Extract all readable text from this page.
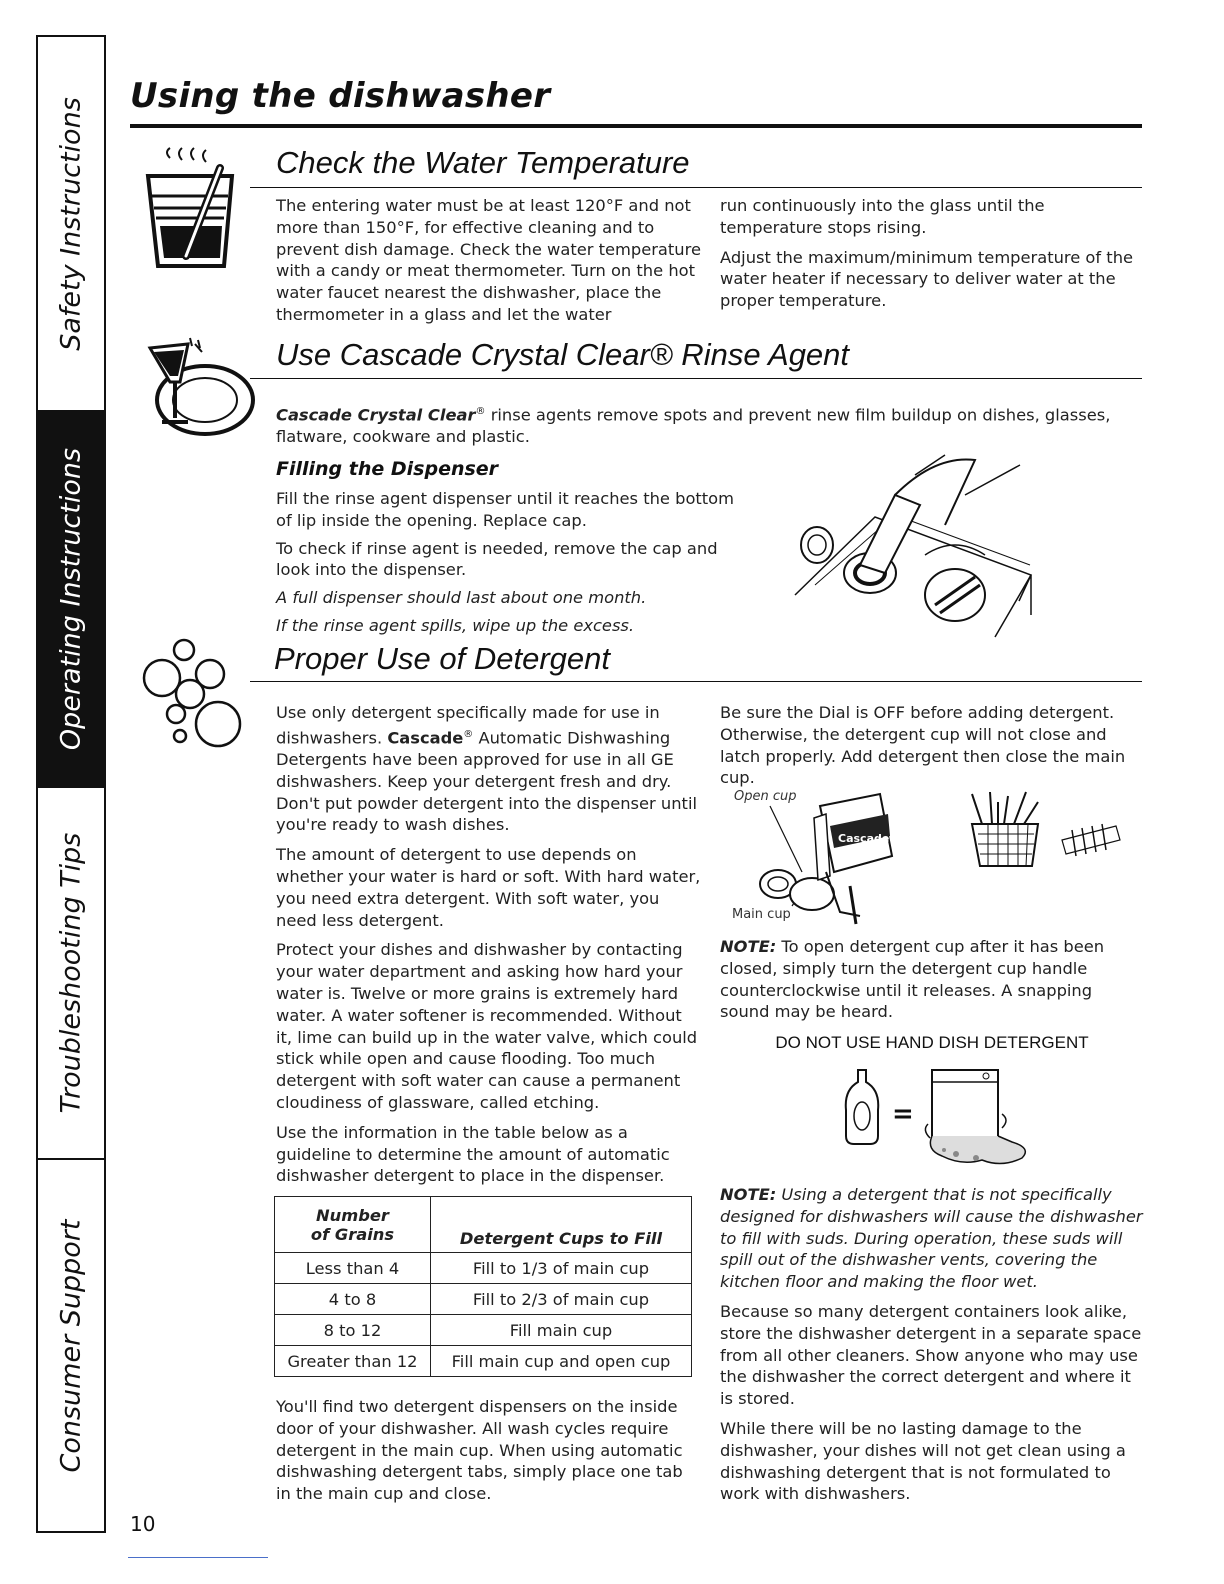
Safety Instructions
Operating Instructions
Troubleshooting Tips
Consumer Support
Using the dishwasher
Check the Water Temperature

The entering water must be at least 120°F and not more than 150°F, for effective cleaning and to prevent dish damage. Check the water temperature with a candy or meat thermometer. Turn on the hot water faucet nearest the dishwasher, place the thermometer in a glass and let the water

run continuously into the glass until the temperature stops rising.

Adjust the maximum/minimum temperature of the water heater if necessary to deliver water at the proper temperature.

Use Cascade Crystal Clear® Rinse Agent
Cascade Crystal Clear® rinse agents remove spots and prevent new film buildup on dishes, glasses, flatware, cookware and plastic.
Filling the Dispenser

Fill the rinse agent dispenser until it reaches the bottom of lip inside the opening. Replace cap.

To check if rinse agent is needed, remove the cap and look into the dispenser.

A full dispenser should last about one month.

If the rinse agent spills, wipe up the excess.

Proper Use of Detergent

Use only detergent specifically made for use in dishwashers. Cascade® Automatic Dishwashing Detergents have been approved for use in all GE dishwashers. Keep your detergent fresh and dry. Don't put powder detergent into the dispenser until you're ready to wash dishes.

The amount of detergent to use depends on whether your water is hard or soft. With hard water, you need extra detergent. With soft water, you need less detergent.

Protect your dishes and dishwasher by contacting your water department and asking how hard your water is. Twelve or more grains is extremely hard water. A water softener is recommended. Without it, lime can build up in the water valve, which could stick while open and cause flooding. Too much detergent with soft water can cause a permanent cloudiness of glassware, called etching.

Use the information in the table below as a guideline to determine the amount of automatic dishwasher detergent to place in the dispenser.

Number
of Grains	Detergent Cups to Fill
Less than 4	Fill to 1/3 of main cup
4 to 8	Fill to 2/3 of main cup
8 to 12	Fill main cup
Greater than 12	Fill main cup and open cup

You'll find two detergent dispensers on the inside door of your dishwasher. All wash cycles require detergent in the main cup. When using automatic dishwashing detergent tabs, simply place one tab in the main cup and close.

Be sure the Dial is OFF before adding detergent. Otherwise, the detergent cup will not close and latch properly. Add detergent then close the main cup.

Open cup
Main cup
Cascade

NOTE: To open detergent cup after it has been closed, simply turn the detergent cup handle counterclockwise until it releases. A snapping sound may be heard.

DO NOT USE HAND DISH DETERGENT
=

NOTE: Using a detergent that is not specifically designed for dishwashers will cause the dishwasher to fill with suds. During operation, these suds will spill out of the dishwasher vents, covering the kitchen floor and making the floor wet.

Because so many detergent containers look alike, store the dishwasher detergent in a separate space from all other cleaners. Show anyone who may use the dishwasher the correct detergent and where it is stored.

While there will be no lasting damage to the dishwasher, your dishes will not get clean using a dishwashing detergent that is not formulated to work with dishwashers.

10
